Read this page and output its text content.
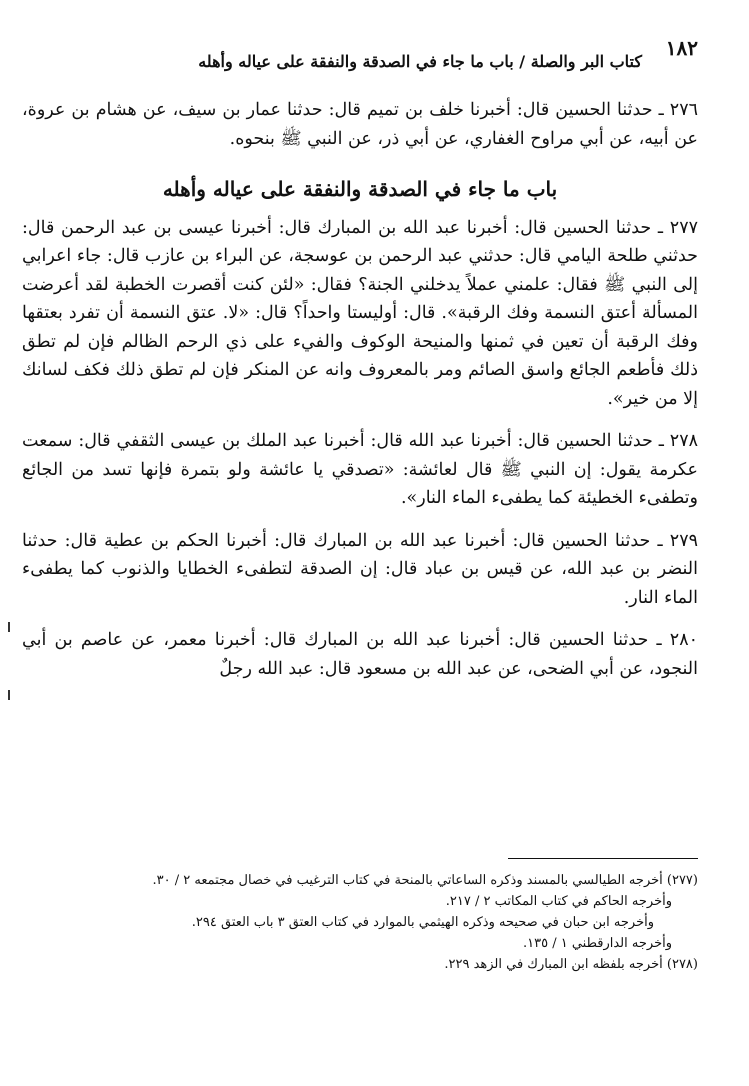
١٨٢
كتاب البر والصلة / باب ما جاء في الصدقة والنفقة على عياله وأهله

٢٧٦ ـ حدثنا الحسين قال: أخبرنا خلف بن تميم قال: حدثنا عمار بن سيف، عن هشام بن عروة، عن أبيه، عن أبي مراوح الغفاري، عن أبي ذر، عن النبي ﷺ بنحوه.

باب ما جاء في الصدقة والنفقة على عياله وأهله

٢٧٧ ـ حدثنا الحسين قال: أخبرنا عبد الله بن المبارك قال: أخبرنا عيسى بن عبد الرحمن قال: حدثني طلحة اليامي قال: حدثني عبد الرحمن بن عوسجة، عن البراء بن عازب قال: جاء اعرابي إلى النبي ﷺ فقال: علمني عملاً يدخلني الجنة؟ فقال: «لئن كنت أقصرت الخطبة لقد أعرضت المسألة أعتق النسمة وفك الرقبة». قال: أوليستا واحداً؟ قال: «لا. عتق النسمة أن تفرد بعتقها وفك الرقبة أن تعين في ثمنها والمنيحة الوكوف والفيء على ذي الرحم الظالم فإن لم تطق ذلك فأطعم الجائع واسق الصائم ومر بالمعروف وانه عن المنكر فإن لم تطق ذلك فكف لسانك إلا من خير».

٢٧٨ ـ حدثنا الحسين قال: أخبرنا عبد الله قال: أخبرنا عبد الملك بن عيسى الثقفي قال: سمعت عكرمة يقول: إن النبي ﷺ قال لعائشة: «تصدقي يا عائشة ولو بتمرة فإنها تسد من الجائع وتطفىء الخطيئة كما يطفىء الماء النار».

٢٧٩ ـ حدثنا الحسين قال: أخبرنا عبد الله بن المبارك قال: أخبرنا الحكم بن عطية قال: حدثنا النضر بن عبد الله، عن قيس بن عباد قال: إن الصدقة لتطفىء الخطايا والذنوب كما يطفىء الماء النار.

٢٨٠ ـ حدثنا الحسين قال: أخبرنا عبد الله بن المبارك قال: أخبرنا معمر، عن عاصم بن أبي النجود، عن أبي الضحى، عن عبد الله بن مسعود قال: عبد الله رجلٌ

(٢٧٧) أخرجه الطيالسي بالمسند وذكره الساعاتي بالمنحة في كتاب الترغيب في خصال مجتمعه ٢ / ٣٠.

وأخرجه الحاكم في كتاب المكاتب ٢ / ٢١٧.

وأخرجه ابن حبان في صحيحه وذكره الهيثمي بالموارد في كتاب العتق ٣ باب العتق ٢٩٤.

وأخرجه الدارقطني ١ / ١٣٥.

(٢٧٨) أخرجه بلفظه ابن المبارك في الزهد ٢٢٩.
